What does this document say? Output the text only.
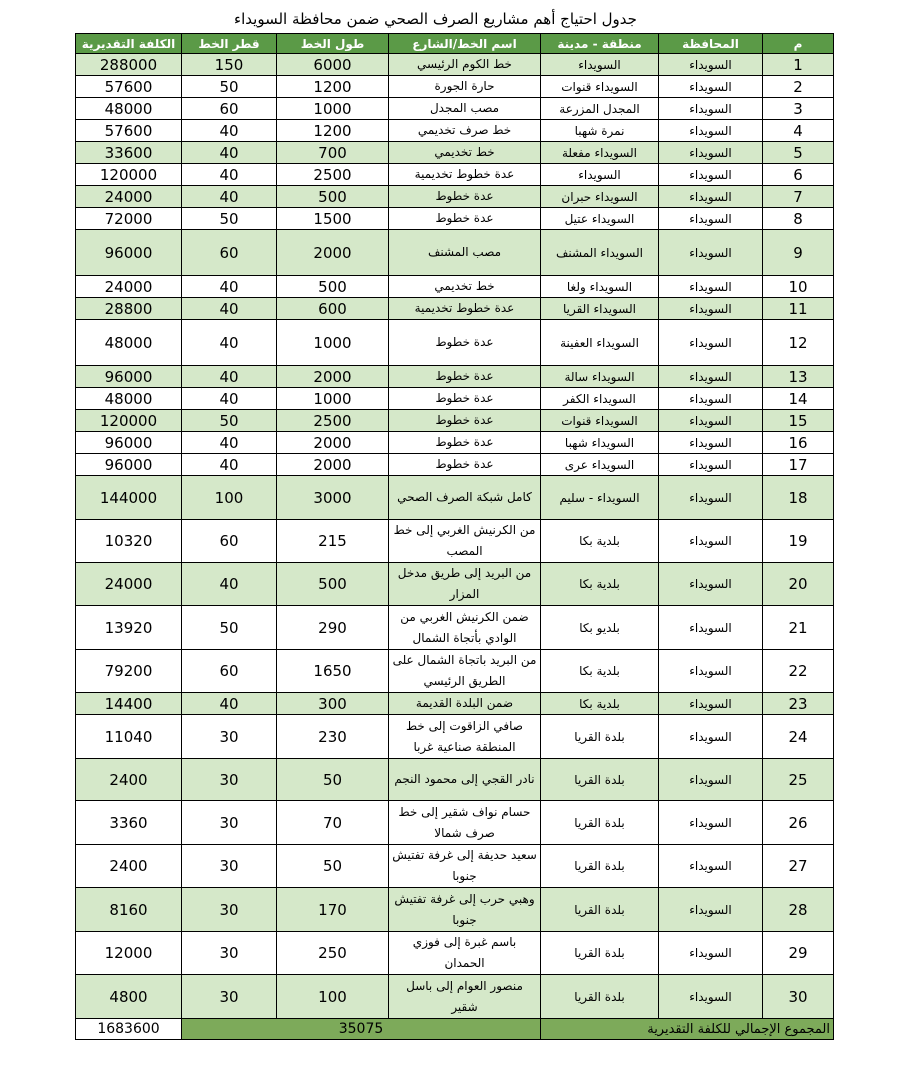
جدول احتياج أهم مشاريع الصرف الصحي ضمن محافظة السويداء
م	المحافظة	منطقة - مدينة	اسم الخط/الشارع	طول الخط	قطر الخط	الكلفة التقديرية
1	السويداء	السويداء	خط الكوم الرئيسي	6000	150	288000
2	السويداء	السويداء قنوات	حارة الجورة	1200	50	57600
3	السويداء	المجدل المزرعة	مصب المجدل	1000	60	48000
4	السويداء	نمرة شهبا	خط صرف تخديمي	1200	40	57600
5	السويداء	السويداء مفعلة	خط تخديمي	700	40	33600
6	السويداء	السويداء	عدة خطوط تخديمية	2500	40	120000
7	السويداء	السويداء حبران	عدة خطوط	500	40	24000
8	السويداء	السويداء عتيل	عدة خطوط	1500	50	72000
9	السويداء	السويداء المشنف	مصب المشنف	2000	60	96000
10	السويداء	السويداء ولغا	خط تخديمي	500	40	24000
11	السويداء	السويداء القريا	عدة خطوط تخديمية	600	40	28800
12	السويداء	السويداء العفينة	عدة خطوط	1000	40	48000
13	السويداء	السويداء سالة	عدة خطوط	2000	40	96000
14	السويداء	السويداء الكفر	عدة خطوط	1000	40	48000
15	السويداء	السويداء قنوات	عدة خطوط	2500	50	120000
16	السويداء	السويداء شهبا	عدة خطوط	2000	40	96000
17	السويداء	السويداء عرى	عدة خطوط	2000	40	96000
18	السويداء	السويداء - سليم	كامل شبكة الصرف الصحي	3000	100	144000
19	السويداء	بلدية بكا	من الكرنيش الغربي إلى خط المصب	215	60	10320
20	السويداء	بلدية بكا	من البريد إلى طريق مدخل المزار	500	40	24000
21	السويداء	بلديو بكا	ضمن الكرنيش الغربي من الوادي بأتجاة الشمال	290	50	13920
22	السويداء	بلدية بكا	من البريد باتجاة الشمال على الطريق الرئيسي	1650	60	79200
23	السويداء	بلدية بكا	ضمن البلدة القديمة	300	40	14400
24	السويداء	بلدة القريا	صافي الزاقوت إلى خط المنطقة صناعية غربا	230	30	11040
25	السويداء	بلدة القريا	نادر القجي إلى محمود النجم	50	30	2400
26	السويداء	بلدة القريا	حسام نواف شقير إلى خط صرف شمالا	70	30	3360
27	السويداء	بلدة القريا	سعيد حديفة إلى غرفة تفتيش جنوبا	50	30	2400
28	السويداء	بلدة القريا	وهبي حرب إلى غرفة تفتيش جنوبا	170	30	8160
29	السويداء	بلدة القريا	باسم غبرة إلى فوزي الحمدان	250	30	12000
30	السويداء	بلدة القريا	منصور العوام إلى باسل شقير	100	30	4800
المجموع الإجمالي للكلفة التقديرية			35075			1683600
